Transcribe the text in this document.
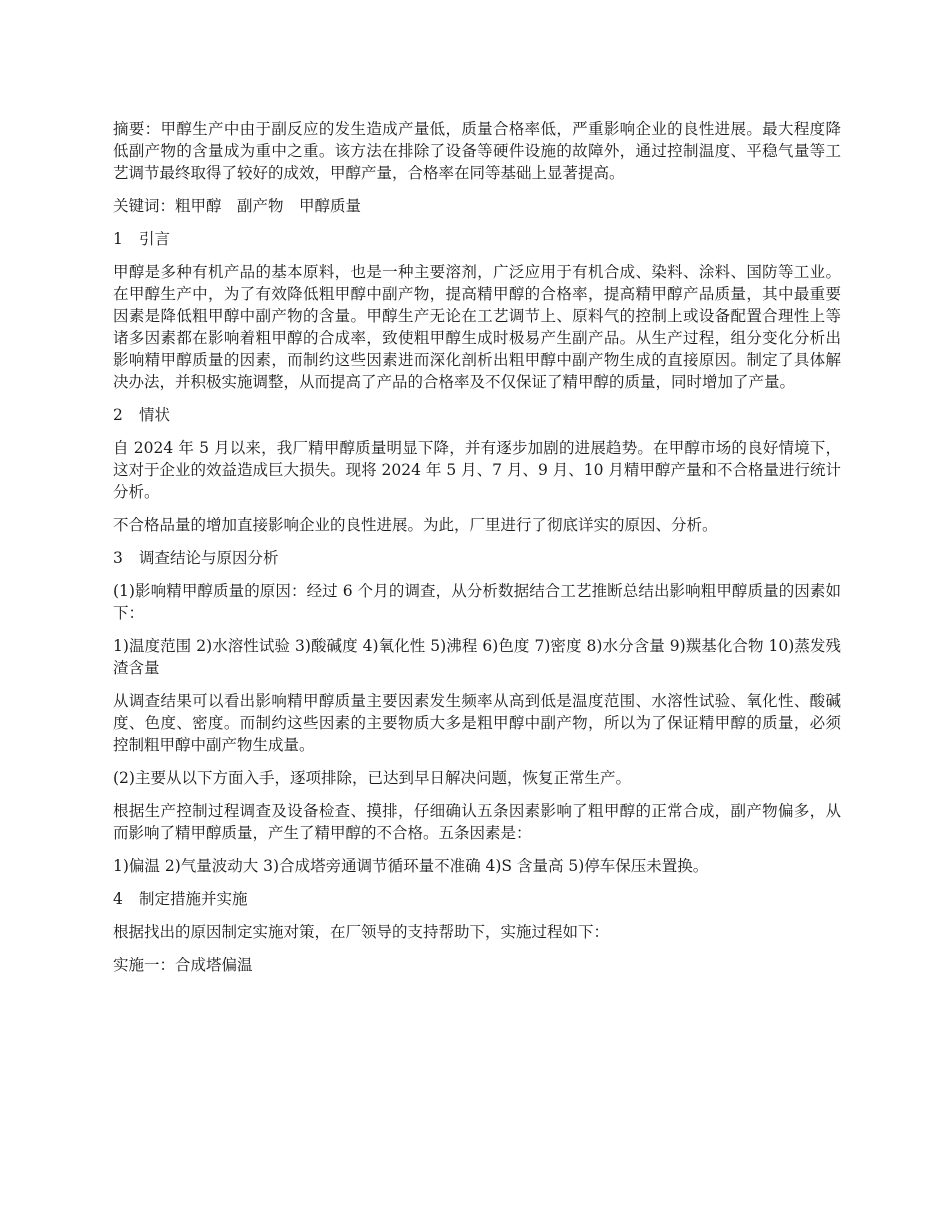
摘要：甲醇生产中由于副反应的发生造成产量低，质量合格率低，严重影响企业的良性进展。最大程度降低副产物的含量成为重中之重。该方法在排除了设备等硬件设施的故障外，通过控制温度、平稳气量等工艺调节最终取得了较好的成效，甲醇产量，合格率在同等基础上显著提高。

关键词：粗甲醇　副产物　甲醇质量

1 引言

甲醇是多种有机产品的基本原料，也是一种主要溶剂，广泛应用于有机合成、染料、涂料、国防等工业。在甲醇生产中，为了有效降低粗甲醇中副产物，提高精甲醇的合格率，提高精甲醇产品质量，其中最重要因素是降低粗甲醇中副产物的含量。甲醇生产无论在工艺调节上、原料气的控制上或设备配置合理性上等诸多因素都在影响着粗甲醇的合成率，致使粗甲醇生成时极易产生副产品。从生产过程，组分变化分析出影响精甲醇质量的因素，而制约这些因素进而深化剖析出粗甲醇中副产物生成的直接原因。制定了具体解决办法，并积极实施调整，从而提高了产品的合格率及不仅保证了精甲醇的质量，同时增加了产量。

2 情状

自 2024 年 5 月以来，我厂精甲醇质量明显下降，并有逐步加剧的进展趋势。在甲醇市场的良好情境下，这对于企业的效益造成巨大损失。现将 2024 年 5 月、7 月、9 月、10 月精甲醇产量和不合格量进行统计分析。

不合格品量的增加直接影响企业的良性进展。为此，厂里进行了彻底详实的原因、分析。

3 调查结论与原因分析

(1)影响精甲醇质量的原因：经过 6 个月的调查，从分析数据结合工艺推断总结出影响粗甲醇质量的因素如下：

1)温度范围 2)水溶性试验 3)酸碱度 4)氧化性 5)沸程 6)色度 7)密度 8)水分含量 9)羰基化合物 10)蒸发残渣含量

从调查结果可以看出影响精甲醇质量主要因素发生频率从高到低是温度范围、水溶性试验、氧化性、酸碱度、色度、密度。而制约这些因素的主要物质大多是粗甲醇中副产物，所以为了保证精甲醇的质量，必须控制粗甲醇中副产物生成量。

(2)主要从以下方面入手，逐项排除，已达到早日解决问题，恢复正常生产。

根据生产控制过程调查及设备检查、摸排，仔细确认五条因素影响了粗甲醇的正常合成，副产物偏多，从而影响了精甲醇质量，产生了精甲醇的不合格。五条因素是：

1)偏温 2)气量波动大 3)合成塔旁通调节循环量不准确 4)S 含量高 5)停车保压未置换。

4 制定措施并实施

根据找出的原因制定实施对策，在厂领导的支持帮助下，实施过程如下：

实施一：合成塔偏温
